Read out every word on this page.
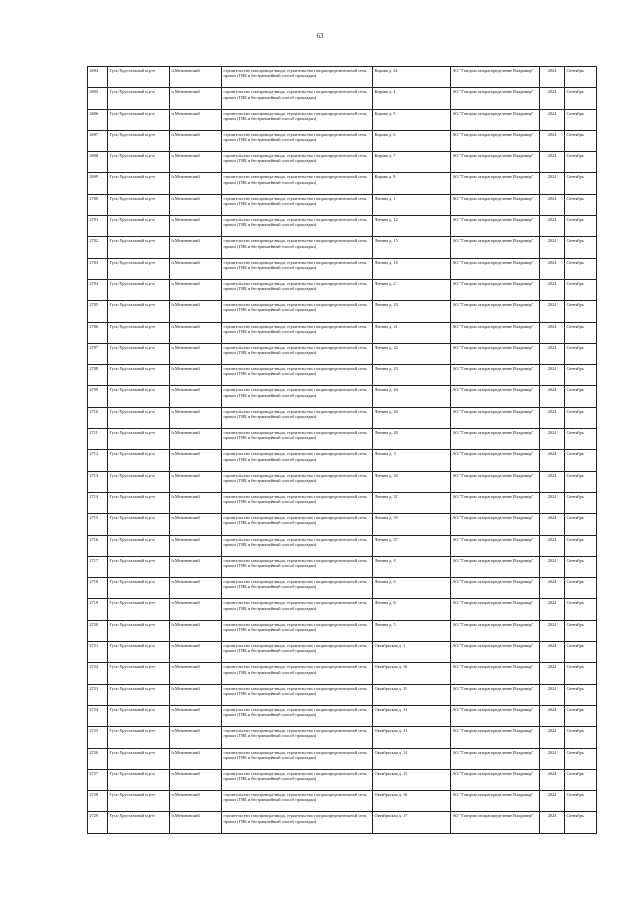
63
2694	Гусь-Хрустальный м.р-н	п.Мезиновский	строительство газопровода-ввода, строительство газораспределительной сети, прокол (ГНБ и бестраншейный способ прокладки)	Кирова д. 32	АО "Газпром газораспределение Владимир"	2024	Сентябрь
2695	Гусь-Хрустальный м.р-н	п.Мезиновский	строительство газопровода-ввода, строительство газораспределительной сети, прокол (ГНБ и бестраншейный способ прокладки)	Кирова д. 4	АО "Газпром газораспределение Владимир"	2024	Сентябрь
2696	Гусь-Хрустальный м.р-н	п.Мезиновский	строительство газопровода-ввода, строительство газораспределительной сети, прокол (ГНБ и бестраншейный способ прокладки)	Кирова д. 5	АО "Газпром газораспределение Владимир"	2024	Сентябрь
2697	Гусь-Хрустальный м.р-н	п.Мезиновский	строительство газопровода-ввода, строительство газораспределительной сети, прокол (ГНБ и бестраншейный способ прокладки)	Кирова д. 6	АО "Газпром газораспределение Владимир"	2024	Сентябрь
2698	Гусь-Хрустальный м.р-н	п.Мезиновский	строительство газопровода-ввода, строительство газораспределительной сети, прокол (ГНБ и бестраншейный способ прокладки)	Кирова д. 7	АО "Газпром газораспределение Владимир"	2024	Сентябрь
2699	Гусь-Хрустальный м.р-н	п.Мезиновский	строительство газопровода-ввода, строительство газораспределительной сети, прокол (ГНБ и бестраншейный способ прокладки)	Кирова д. 8	АО "Газпром газораспределение Владимир"	2024	Сентябрь
2700	Гусь-Хрустальный м.р-н	п.Мезиновский	строительство газопровода-ввода, строительство газораспределительной сети, прокол (ГНБ и бестраншейный способ прокладки)	Ленина д. 1	АО "Газпром газораспределение Владимир"	2024	Сентябрь
2701	Гусь-Хрустальный м.р-н	п.Мезиновский	строительство газопровода-ввода, строительство газораспределительной сети, прокол (ГНБ и бестраншейный способ прокладки)	Ленина д. 12	АО "Газпром газораспределение Владимир"	2024	Сентябрь
2702	Гусь-Хрустальный м.р-н	п.Мезиновский	строительство газопровода-ввода, строительство газораспределительной сети, прокол (ГНБ и бестраншейный способ прокладки)	Ленина д. 15	АО "Газпром газораспределение Владимир"	2024	Сентябрь
2703	Гусь-Хрустальный м.р-н	п.Мезиновский	строительство газопровода-ввода, строительство газораспределительной сети, прокол (ГНБ и бестраншейный способ прокладки)	Ленина д. 16	АО "Газпром газораспределение Владимир"	2024	Сентябрь
2704	Гусь-Хрустальный м.р-н	п.Мезиновский	строительство газопровода-ввода, строительство газораспределительной сети, прокол (ГНБ и бестраншейный способ прокладки)	Ленина д. 2	АО "Газпром газораспределение Владимир"	2024	Сентябрь
2705	Гусь-Хрустальный м.р-н	п.Мезиновский	строительство газопровода-ввода, строительство газораспределительной сети, прокол (ГНБ и бестраншейный способ прокладки)	Ленина д. 20	АО "Газпром газораспределение Владимир"	2024	Сентябрь
2706	Гусь-Хрустальный м.р-н	п.Мезиновский	строительство газопровода-ввода, строительство газораспределительной сети, прокол (ГНБ и бестраншейный способ прокладки)	Ленина д. 21	АО "Газпром газораспределение Владимир"	2024	Сентябрь
2707	Гусь-Хрустальный м.р-н	п.Мезиновский	строительство газопровода-ввода, строительство газораспределительной сети, прокол (ГНБ и бестраншейный способ прокладки)	Ленина д. 22	АО "Газпром газораспределение Владимир"	2024	Сентябрь
2708	Гусь-Хрустальный м.р-н	п.Мезиновский	строительство газопровода-ввода, строительство газораспределительной сети, прокол (ГНБ и бестраншейный способ прокладки)	Ленина д. 23	АО "Газпром газораспределение Владимир"	2024	Сентябрь
2709	Гусь-Хрустальный м.р-н	п.Мезиновский	строительство газопровода-ввода, строительство газораспределительной сети, прокол (ГНБ и бестраншейный способ прокладки)	Ленина д. 24	АО "Газпром газораспределение Владимир"	2024	Сентябрь
2710	Гусь-Хрустальный м.р-н	п.Мезиновский	строительство газопровода-ввода, строительство газораспределительной сети, прокол (ГНБ и бестраншейный способ прокладки)	Ленина д. 26	АО "Газпром газораспределение Владимир"	2024	Сентябрь
2711	Гусь-Хрустальный м.р-н	п.Мезиновский	строительство газопровода-ввода, строительство газораспределительной сети, прокол (ГНБ и бестраншейный способ прокладки)	Ленина д. 28	АО "Газпром газораспределение Владимир"	2024	Сентябрь
2712	Гусь-Хрустальный м.р-н	п.Мезиновский	строительство газопровода-ввода, строительство газораспределительной сети, прокол (ГНБ и бестраншейный способ прокладки)	Ленина д. 3	АО "Газпром газораспределение Владимир"	2024	Сентябрь
2713	Гусь-Хрустальный м.р-н	п.Мезиновский	строительство газопровода-ввода, строительство газораспределительной сети, прокол (ГНБ и бестраншейный способ прокладки)	Ленина д. 30	АО "Газпром газораспределение Владимир"	2024	Сентябрь
2714	Гусь-Хрустальный м.р-н	п.Мезиновский	строительство газопровода-ввода, строительство газораспределительной сети, прокол (ГНБ и бестраншейный способ прокладки)	Ленина д. 31	АО "Газпром газораспределение Владимир"	2024	Сентябрь
2715	Гусь-Хрустальный м.р-н	п.Мезиновский	строительство газопровода-ввода, строительство газораспределительной сети, прокол (ГНБ и бестраншейный способ прокладки)	Ленина д. 35	АО "Газпром газораспределение Владимир"	2024	Сентябрь
2716	Гусь-Хрустальный м.р-н	п.Мезиновский	строительство газопровода-ввода, строительство газораспределительной сети, прокол (ГНБ и бестраншейный способ прокладки)	Ленина д. 37	АО "Газпром газораспределение Владимир"	2024	Сентябрь
2717	Гусь-Хрустальный м.р-н	п.Мезиновский	строительство газопровода-ввода, строительство газораспределительной сети, прокол (ГНБ и бестраншейный способ прокладки)	Ленина д. 4	АО "Газпром газораспределение Владимир"	2024	Сентябрь
2718	Гусь-Хрустальный м.р-н	п.Мезиновский	строительство газопровода-ввода, строительство газораспределительной сети, прокол (ГНБ и бестраншейный способ прокладки)	Ленина д. 6	АО "Газпром газораспределение Владимир"	2024	Сентябрь
2719	Гусь-Хрустальный м.р-н	п.Мезиновский	строительство газопровода-ввода, строительство газораспределительной сети, прокол (ГНБ и бестраншейный способ прокладки)	Ленина д. 8	АО "Газпром газораспределение Владимир"	2024	Сентябрь
2720	Гусь-Хрустальный м.р-н	п.Мезиновский	строительство газопровода-ввода, строительство газораспределительной сети, прокол (ГНБ и бестраншейный способ прокладки)	Ленина д. 5	АО "Газпром газораспределение Владимир"	2024	Сентябрь
2721	Гусь-Хрустальный м.р-н	п.Мезиновский	строительство газопровода-ввода, строительство газораспределительной сети, прокол (ГНБ и бестраншейный способ прокладки)	Октябрьская д. 1	АО "Газпром газораспределение Владимир"	2024	Сентябрь
2722	Гусь-Хрустальный м.р-н	п.Мезиновский	строительство газопровода-ввода, строительство газораспределительной сети, прокол (ГНБ и бестраншейный способ прокладки)	Октябрьская д. 10	АО "Газпром газораспределение Владимир"	2024	Сентябрь
2723	Гусь-Хрустальный м.р-н	п.Мезиновский	строительство газопровода-ввода, строительство газораспределительной сети, прокол (ГНБ и бестраншейный способ прокладки)	Октябрьская д. 11	АО "Газпром газораспределение Владимир"	2024	Сентябрь
2724	Гусь-Хрустальный м.р-н	п.Мезиновский	строительство газопровода-ввода, строительство газораспределительной сети, прокол (ГНБ и бестраншейный способ прокладки)	Октябрьская д. 12	АО "Газпром газораспределение Владимир"	2024	Сентябрь
2725	Гусь-Хрустальный м.р-н	п.Мезиновский	строительство газопровода-ввода, строительство газораспределительной сети, прокол (ГНБ и бестраншейный способ прокладки)	Октябрьская д. 13	АО "Газпром газораспределение Владимир"	2024	Сентябрь
2726	Гусь-Хрустальный м.р-н	п.Мезиновский	строительство газопровода-ввода, строительство газораспределительной сети, прокол (ГНБ и бестраншейный способ прокладки)	Октябрьская д. 14	АО "Газпром газораспределение Владимир"	2024	Сентябрь
2727	Гусь-Хрустальный м.р-н	п.Мезиновский	строительство газопровода-ввода, строительство газораспределительной сети, прокол (ГНБ и бестраншейный способ прокладки)	Октябрьская д. 15	АО "Газпром газораспределение Владимир"	2024	Сентябрь
2728	Гусь-Хрустальный м.р-н	п.Мезиновский	строительство газопровода-ввода, строительство газораспределительной сети, прокол (ГНБ и бестраншейный способ прокладки)	Октябрьская д. 16	АО "Газпром газораспределение Владимир"	2024	Сентябрь
2729	Гусь-Хрустальный м.р-н	п.Мезиновский	строительство газопровода-ввода, строительство газораспределительной сети, прокол (ГНБ и бестраншейный способ прокладки)	Октябрьская д. 17	АО "Газпром газораспределение Владимир"	2024	Сентябрь
